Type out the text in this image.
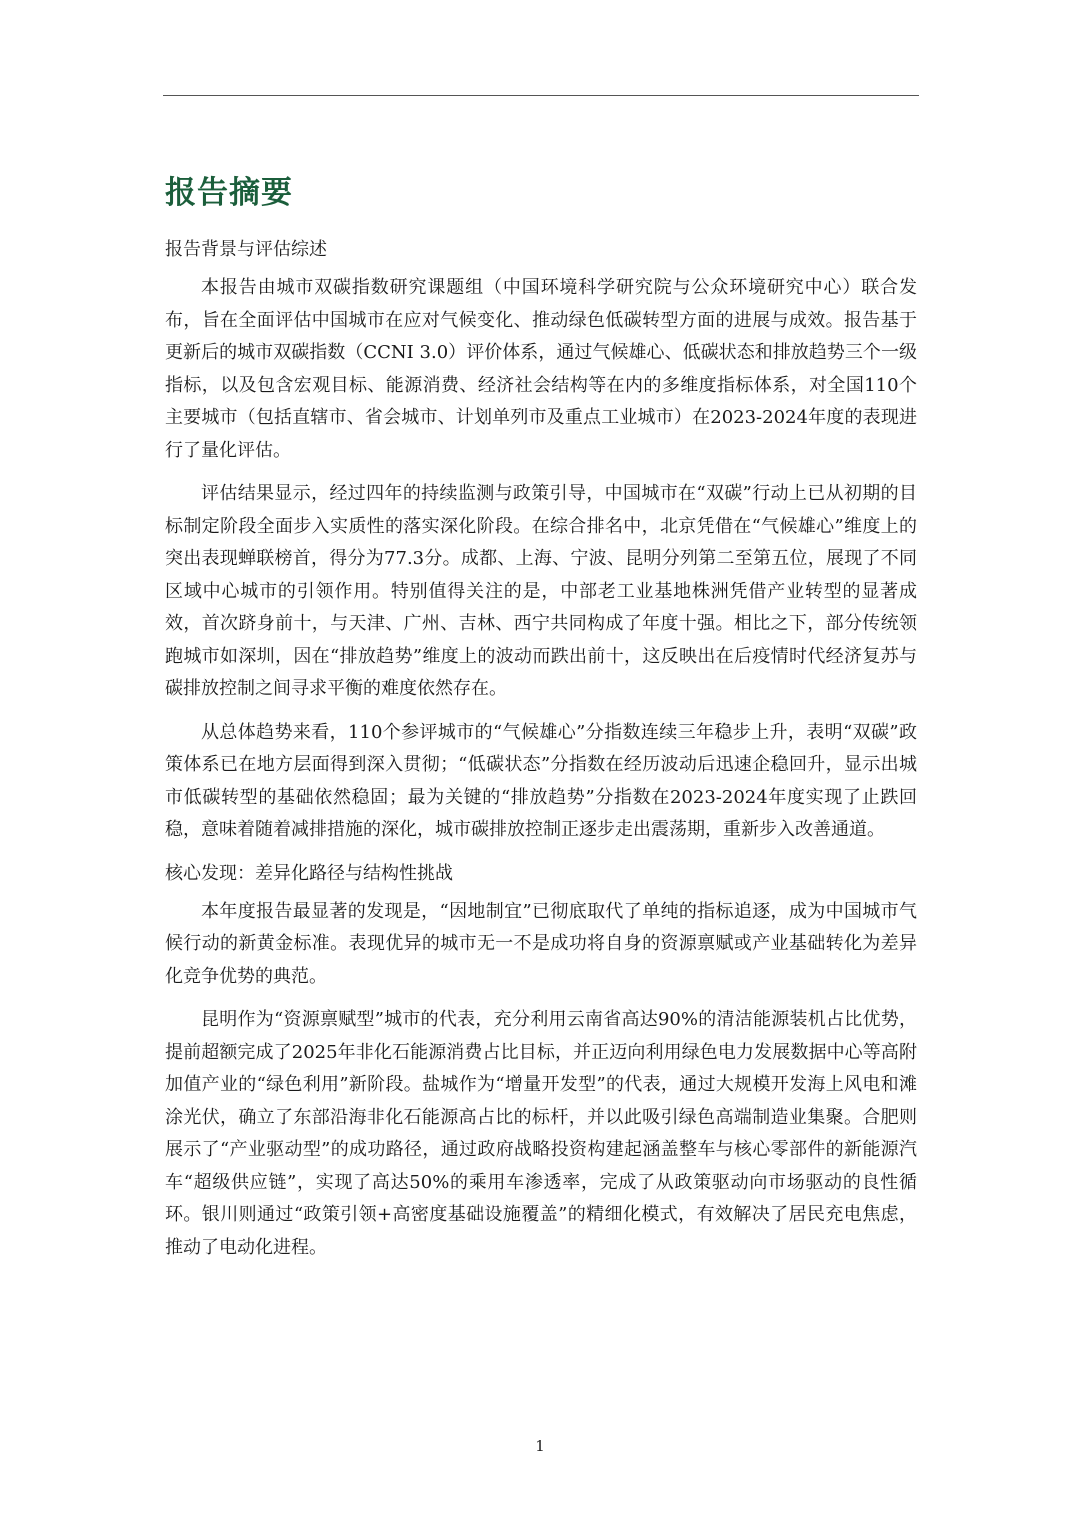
报告摘要
报告背景与评估综述

本报告由城市双碳指数研究课题组（中国环境科学研究院与公众环境研究中心）联合发布，旨在全面评估中国城市在应对气候变化、推动绿色低碳转型方面的进展与成效。报告基于更新后的城市双碳指数（CCNI 3.0）评价体系，通过气候雄心、低碳状态和排放趋势三个一级指标，以及包含宏观目标、能源消费、经济社会结构等在内的多维度指标体系，对全国110个主要城市（包括直辖市、省会城市、计划单列市及重点工业城市）在2023-2024年度的表现进行了量化评估。

评估结果显示，经过四年的持续监测与政策引导，中国城市在“双碳”行动上已从初期的目标制定阶段全面步入实质性的落实深化阶段。在综合排名中，北京凭借在“气候雄心”维度上的突出表现蝉联榜首，得分为77.3分。成都、上海、宁波、昆明分列第二至第五位，展现了不同区域中心城市的引领作用。特别值得关注的是，中部老工业基地株洲凭借产业转型的显著成效，首次跻身前十，与天津、广州、吉林、西宁共同构成了年度十强。相比之下，部分传统领跑城市如深圳，因在“排放趋势”维度上的波动而跌出前十，这反映出在后疫情时代经济复苏与碳排放控制之间寻求平衡的难度依然存在。

从总体趋势来看，110个参评城市的“气候雄心”分指数连续三年稳步上升，表明“双碳”政策体系已在地方层面得到深入贯彻；“低碳状态”分指数在经历波动后迅速企稳回升，显示出城市低碳转型的基础依然稳固；最为关键的“排放趋势”分指数在2023-2024年度实现了止跌回稳，意味着随着减排措施的深化，城市碳排放控制正逐步走出震荡期，重新步入改善通道。

核心发现：差异化路径与结构性挑战

本年度报告最显著的发现是，“因地制宜”已彻底取代了单纯的指标追逐，成为中国城市气候行动的新黄金标准。表现优异的城市无一不是成功将自身的资源禀赋或产业基础转化为差异化竞争优势的典范。

昆明作为“资源禀赋型”城市的代表，充分利用云南省高达90%的清洁能源装机占比优势，提前超额完成了2025年非化石能源消费占比目标，并正迈向利用绿色电力发展数据中心等高附加值产业的“绿色利用”新阶段。盐城作为“增量开发型”的代表，通过大规模开发海上风电和滩涂光伏，确立了东部沿海非化石能源高占比的标杆，并以此吸引绿色高端制造业集聚。合肥则展示了“产业驱动型”的成功路径，通过政府战略投资构建起涵盖整车与核心零部件的新能源汽车“超级供应链”，实现了高达50%的乘用车渗透率，完成了从政策驱动向市场驱动的良性循环。银川则通过“政策引领+高密度基础设施覆盖”的精细化模式，有效解决了居民充电焦虑，推动了电动化进程。

1
